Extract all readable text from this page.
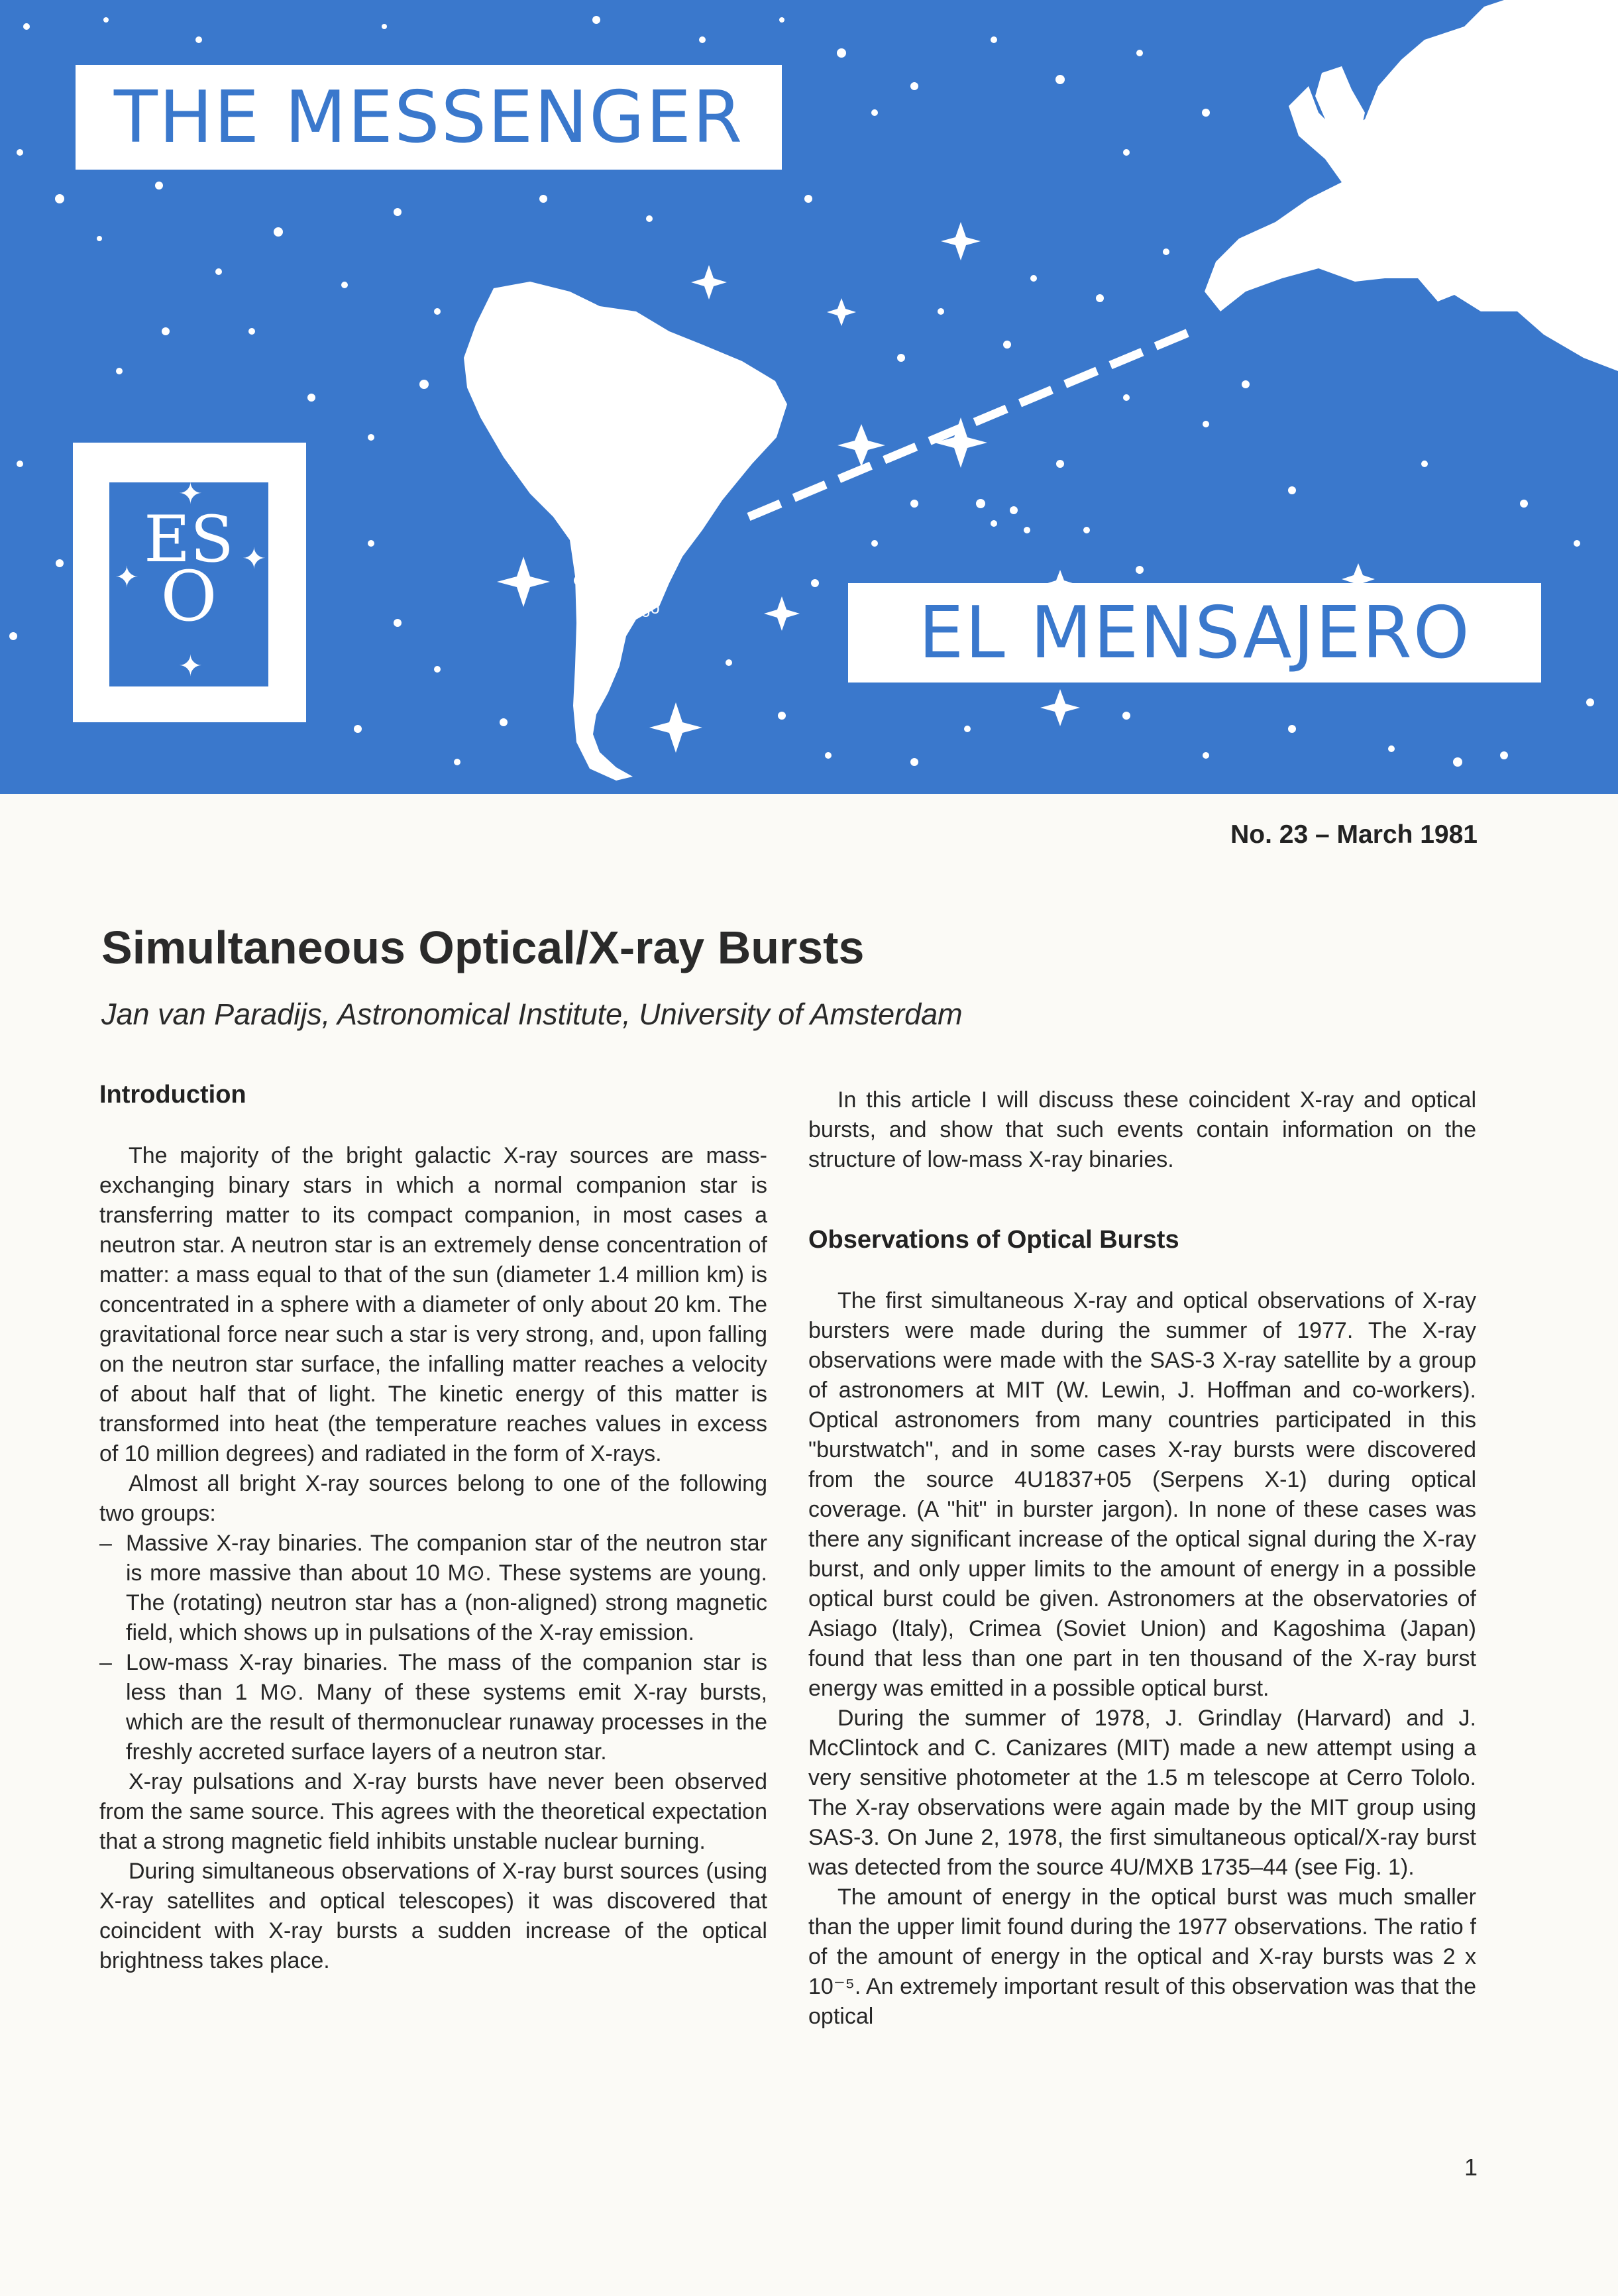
THE MESSENGER
EL MENSAJERO
✦
✦
✦
✦
ES
O
Munich
La Silla
La Serena
Santiago
No. 23 – March 1981
Simultaneous Optical/X-ray Bursts
Jan van Paradijs, Astronomical Institute, University of Amsterdam
Introduction

The majority of the bright galactic X-ray sources are mass-exchanging binary stars in which a normal companion star is transferring matter to its compact companion, in most cases a neutron star. A neutron star is an extremely dense concentration of matter: a mass equal to that of the sun (diameter 1.4 million km) is concentrated in a sphere with a diameter of only about 20 km. The gravitational force near such a star is very strong, and, upon falling on the neutron star surface, the infalling matter reaches a velocity of about half that of light. The kinetic energy of this matter is transformed into heat (the temperature reaches values in excess of 10 million degrees) and radiated in the form of X-rays.

Almost all bright X-ray sources belong to one of the following two groups:

– Massive X-ray binaries. The companion star of the neutron star is more massive than about 10 M⊙. These systems are young. The (rotating) neutron star has a (non-aligned) strong magnetic field, which shows up in pulsations of the X-ray emission.
– Low-mass X-ray binaries. The mass of the companion star is less than 1 M⊙. Many of these systems emit X-ray bursts, which are the result of thermonuclear runaway processes in the freshly accreted surface layers of a neutron star.

X-ray pulsations and X-ray bursts have never been observed from the same source. This agrees with the theoretical expectation that a strong magnetic field inhibits unstable nuclear burning.

During simultaneous observations of X-ray burst sources (using X-ray satellites and optical telescopes) it was discovered that coincident with X-ray bursts a sudden increase of the optical brightness takes place.

In this article I will discuss these coincident X-ray and optical bursts, and show that such events contain information on the structure of low-mass X-ray binaries.

Observations of Optical Bursts

The first simultaneous X-ray and optical observations of X-ray bursters were made during the summer of 1977. The X-ray observations were made with the SAS-3 X-ray satellite by a group of astronomers at MIT (W. Lewin, J. Hoffman and co-workers). Optical astronomers from many countries participated in this "burstwatch", and in some cases X-ray bursts were discovered from the source 4U1837+05 (Serpens X-1) during optical coverage. (A "hit" in burster jargon). In none of these cases was there any significant increase of the optical signal during the X-ray burst, and only upper limits to the amount of energy in a possible optical burst could be given. Astronomers at the observatories of Asiago (Italy), Crimea (Soviet Union) and Kagoshima (Japan) found that less than one part in ten thousand of the X-ray burst energy was emitted in a possible optical burst.

During the summer of 1978, J. Grindlay (Harvard) and J. McClintock and C. Canizares (MIT) made a new attempt using a very sensitive photometer at the 1.5 m telescope at Cerro Tololo. The X-ray observations were again made by the MIT group using SAS-3. On June 2, 1978, the first simultaneous optical/X-ray burst was detected from the source 4U/MXB 1735–44 (see Fig. 1).

The amount of energy in the optical burst was much smaller than the upper limit found during the 1977 observations. The ratio f of the amount of energy in the optical and X-ray bursts was 2 x 10⁻⁵. An extremely important result of this observation was that the optical

1
